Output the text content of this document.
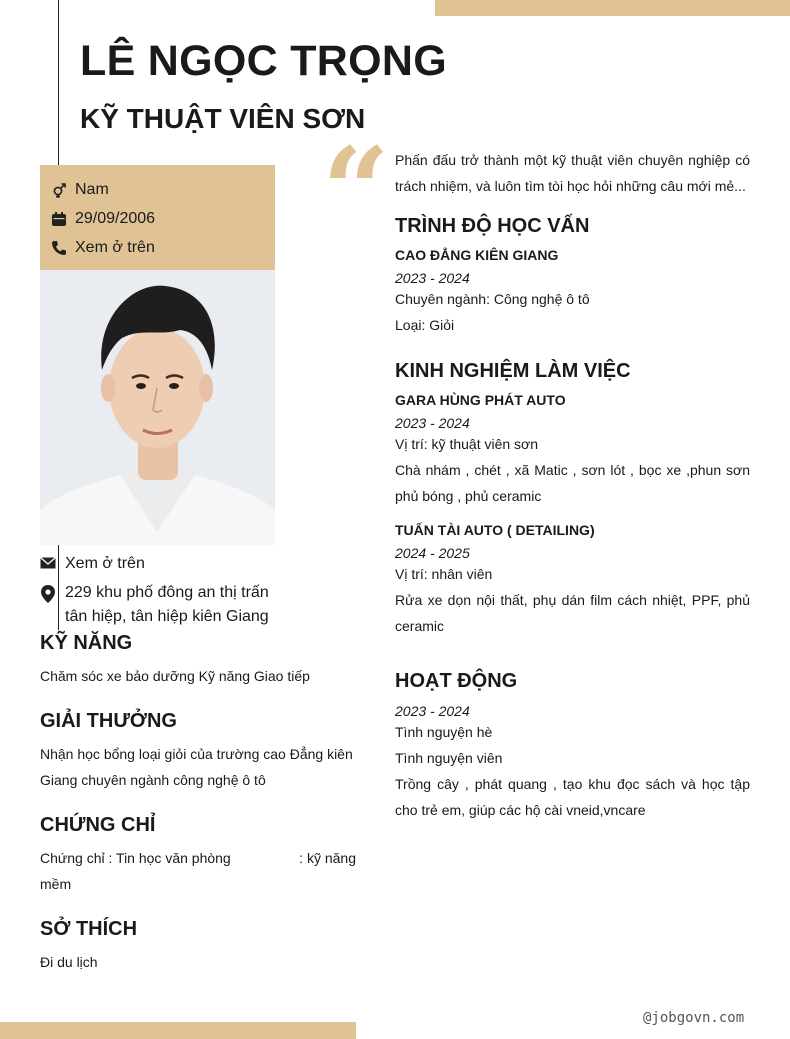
LÊ NGỌC TRỌNG
KỸ THUẬT VIÊN SƠN
Nam
29/09/2006
Xem ở trên
Xem ở trên
229 khu phố đông an thị trấn
tân hiệp, tân hiệp kiên Giang
KỸ NĂNG

Chăm sóc xe bảo dưỡng Kỹ năng Giao tiếp

GIẢI THƯỞNG

Nhận học bổng loại giỏi của trường cao Đẳng kiên

Giang chuyên ngành công nghệ ô tô

CHỨNG CHỈ
Chứng chỉ : Tin học văn phòng	: kỹ năng

mềm

SỞ THÍCH

Đi du lịch

“ Phấn đấu trở thành một kỹ thuật viên chuyên nghiệp có trách nhiệm, và luôn tìm tòi học hỏi những câu mới mẻ...

TRÌNH ĐỘ HỌC VẤN

CAO ĐẲNG KIÊN GIANG

2023 - 2024

Chuyên ngành: Công nghệ ô tô

Loại: Giỏi

KINH NGHIỆM LÀM VIỆC

GARA HÙNG PHÁT AUTO

2023 - 2024

Vị trí: kỹ thuật viên sơn

Chà nhám , chét , xã Matic , sơn lót , bọc xe ,phun sơn phủ bóng , phủ ceramic

TUẤN TÀI AUTO ( DETAILING)

2024 - 2025

Vị trí: nhân viên

Rửa xe dọn nội thất, phụ dán film cách nhiệt, PPF, phủ ceramic

HOẠT ĐỘNG

2023 - 2024

Tình nguyện hè

Tình nguyện viên

Trồng cây , phát quang , tạo khu đọc sách và học tập cho trẻ em, giúp các hộ cài vneid,vncare

@jobgovn.com
